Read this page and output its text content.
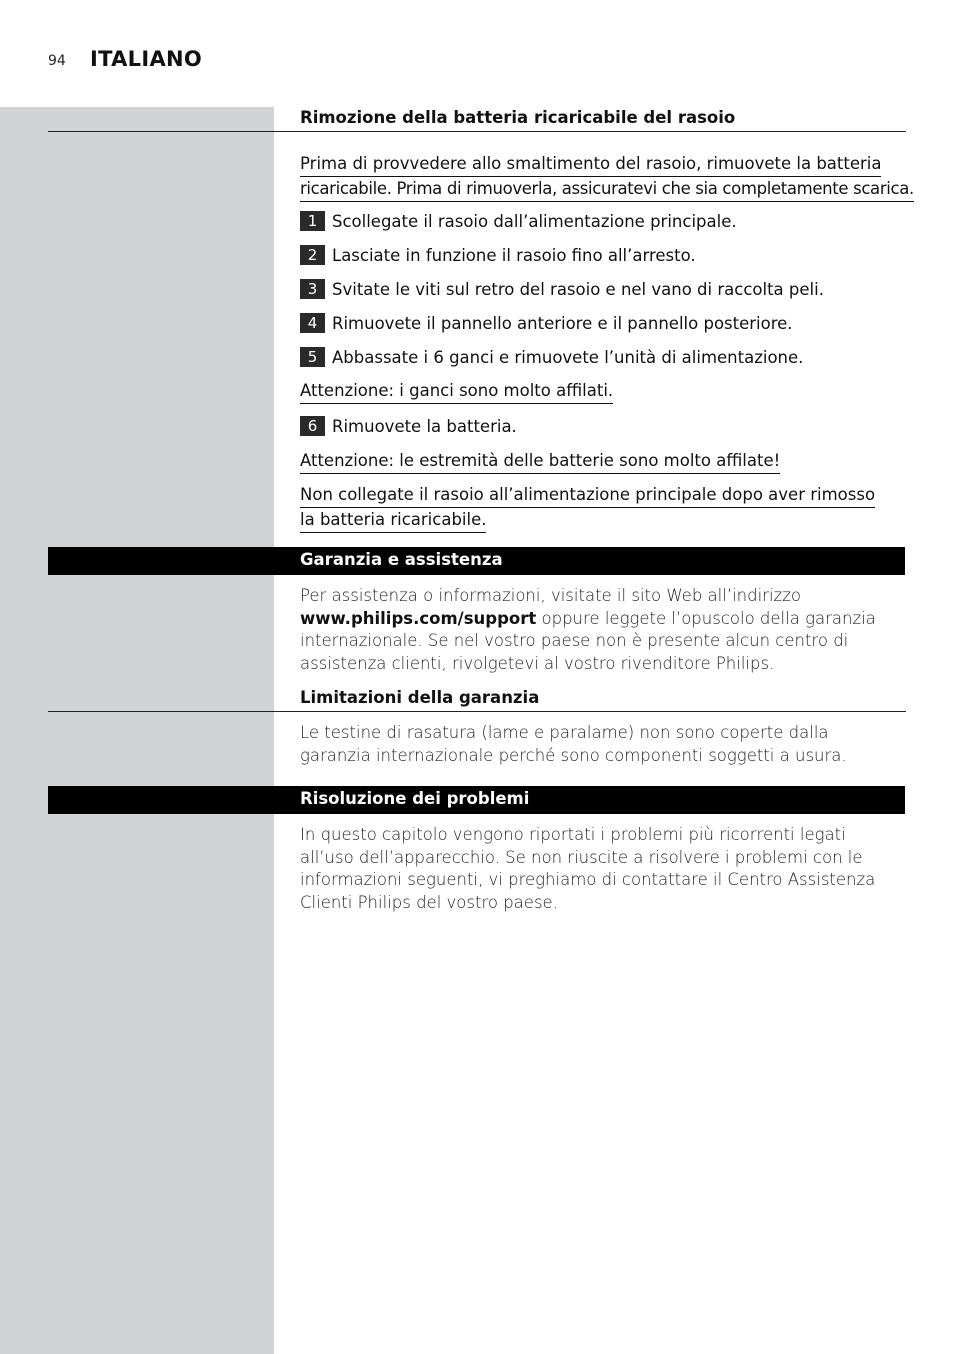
94 ITALIANO
Rimozione della batteria ricaricabile del rasoio
Prima di provvedere allo smaltimento del rasoio, rimuovete la batteria
ricaricabile. Prima di rimuoverla, assicuratevi che sia completamente scarica.
1 Scollegate il rasoio dall’alimentazione principale.
2 Lasciate in funzione il rasoio fino all’arresto.
3 Svitate le viti sul retro del rasoio e nel vano di raccolta peli.
4 Rimuovete il pannello anteriore e il pannello posteriore.
5 Abbassate i 6 ganci e rimuovete l’unità di alimentazione.
Attenzione: i ganci sono molto affilati.
6 Rimuovete la batteria.
Attenzione: le estremità delle batterie sono molto affilate!
Non collegate il rasoio all’alimentazione principale dopo aver rimosso
la batteria ricaricabile.
Garanzia e assistenza
Per assistenza o informazioni, visitate il sito Web all’indirizzo www.philips.com/support oppure leggete l’opuscolo della garanzia internazionale. Se nel vostro paese non è presente alcun centro di assistenza clienti, rivolgetevi al vostro rivenditore Philips.
Limitazioni della garanzia
Le testine di rasatura (lame e paralame) non sono coperte dalla garanzia internazionale perché sono componenti soggetti a usura.
Risoluzione dei problemi
In questo capitolo vengono riportati i problemi più ricorrenti legati all’uso dell’apparecchio. Se non riuscite a risolvere i problemi con le informazioni seguenti, vi preghiamo di contattare il Centro Assistenza Clienti Philips del vostro paese.
